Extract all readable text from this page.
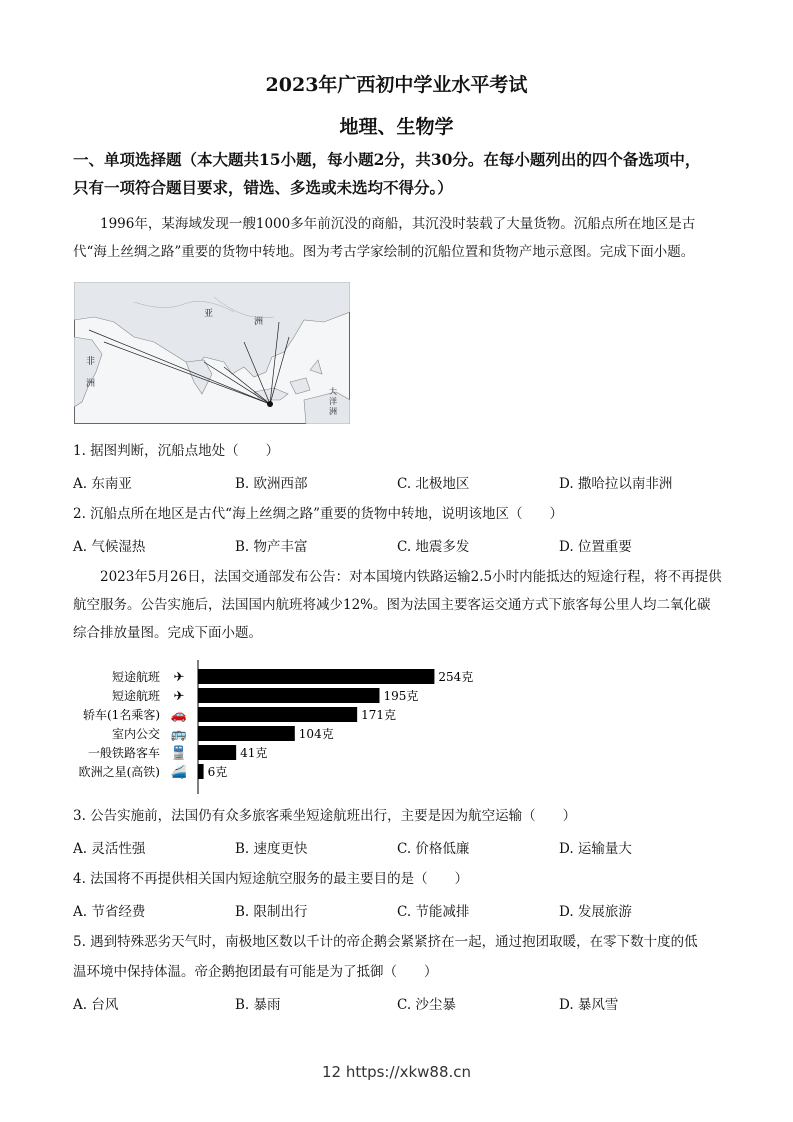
2023年广西初中学业水平考试
地理、生物学
一、单项选择题（本大题共15小题，每小题2分，共30分。在每小题列出的四个备选项中，
只有一项符合题目要求，错选、多选或未选均不得分。）
1996年，某海域发现一艘1000多年前沉没的商船，其沉没时装载了大量货物。沉船点所在地区是古代“海上丝绸之路”重要的货物中转地。图为考古学家绘制的沉船位置和货物产地示意图。完成下面小题。
亚
洲
非
洲
大
洋
洲
1. 据图判断，沉船点地处（　　）
A. 东南亚	B. 欧洲西部	C. 北极地区	D. 撒哈拉以南非洲
2. 沉船点所在地区是古代“海上丝绸之路”重要的货物中转地，说明该地区（　　）
A. 气候湿热	B. 物产丰富	C. 地震多发	D. 位置重要
2023年5月26日，法国交通部发布公告：对本国境内铁路运输2.5小时内能抵达的短途行程，将不再提供航空服务。公告实施后，法国国内航班将减少12%。图为法国主要客运交通方式下旅客每公里人均二氧化碳综合排放量图。完成下面小题。
短途航班 ✈	254克
短途航班 ✈	195克
轿车(1名乘客) 🚗	171克
室内公交 🚌	104克
一般铁路客车 🚆	41克
欧洲之星(高铁) 🚄 6克
3. 公告实施前，法国仍有众多旅客乘坐短途航班出行，主要是因为航空运输（　　）
A. 灵活性强	B. 速度更快	C. 价格低廉	D. 运输量大
4. 法国将不再提供相关国内短途航空服务的最主要目的是（　　）
A. 节省经费	B. 限制出行	C. 节能减排	D. 发展旅游
5. 遇到特殊恶劣天气时，南极地区数以千计的帝企鹅会紧紧挤在一起，通过抱团取暖，在零下数十度的低
温环境中保持体温。帝企鹅抱团最有可能是为了抵御（　　）
A. 台风	B. 暴雨	C. 沙尘暴	D. 暴风雪
12 https://xkw88.cn
